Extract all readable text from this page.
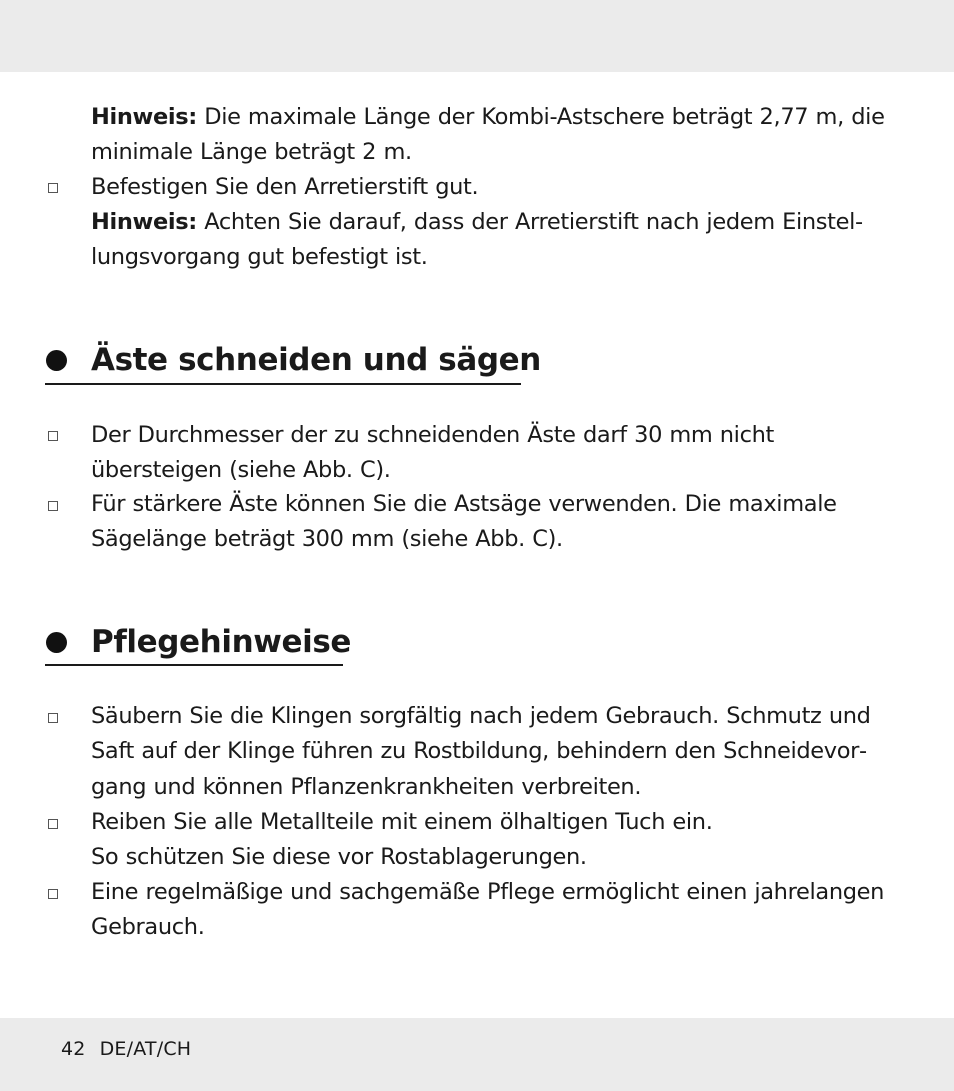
Hinweis: Die maximale Länge der Kombi-Astschere beträgt 2,77 m, die minimale Länge beträgt 2 m.
Befestigen Sie den Arretierstift gut.
Hinweis: Achten Sie darauf, dass der Arretierstift nach jedem Einstellungsvorgang gut befestigt ist.
Äste schneiden und sägen
Der Durchmesser der zu schneidenden Äste darf 30 mm nicht übersteigen (siehe Abb. C).
Für stärkere Äste können Sie die Astsäge verwenden. Die maximale Sägelänge beträgt 300 mm (siehe Abb. C).
Pflegehinweise
Säubern Sie die Klingen sorgfältig nach jedem Gebrauch. Schmutz und Saft auf der Klinge führen zu Rostbildung, behindern den Schneidevorgang und können Pflanzenkrankheiten verbreiten.
Reiben Sie alle Metallteile mit einem ölhaltigen Tuch ein.
So schützen Sie diese vor Rostablagerungen.
Eine regelmäßige und sachgemäße Pflege ermöglicht einen jahrelangen Gebrauch.
42 DE/AT/CH
